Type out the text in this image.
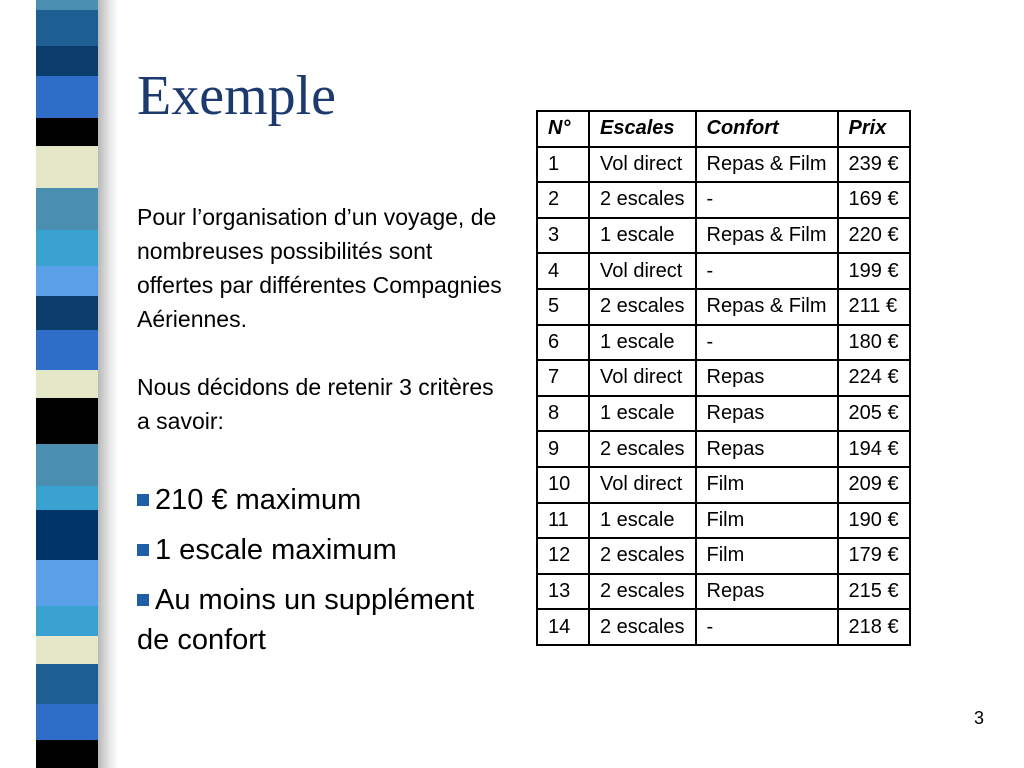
Exemple

Pour l’organisation d’un voyage, de nombreuses possibilités sont offertes par différentes Compagnies Aériennes.

Nous décidons de retenir 3 critères a savoir:

210 € maximum
1 escale maximum
Au moins un supplément de confort
N°	Escales	Confort	Prix
1	Vol direct	Repas & Film	239 €
2	2 escales	-	169 €
3	1 escale	Repas & Film	220 €
4	Vol direct	-	199 €
5	2 escales	Repas & Film	211 €
6	1 escale	-	180 €
7	Vol direct	Repas	224 €
8	1 escale	Repas	205 €
9	2 escales	Repas	194 €
10	Vol direct	Film	209 €
11	1 escale	Film	190 €
12	2 escales	Film	179 €
13	2 escales	Repas	215 €
14	2 escales	-	218 €
3
